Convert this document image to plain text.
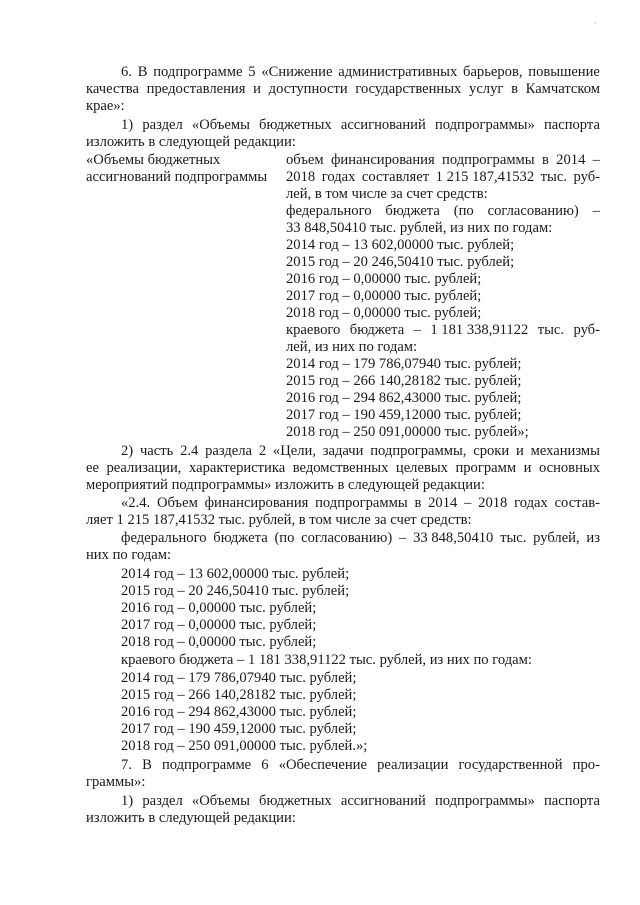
·
6. В подпрограмме 5 «Снижение административных барьеров, повышение
качества предоставления и доступности государственных услуг в Камчатском
крае»:
1) раздел «Объемы бюджетных ассигнований подпрограммы» паспорта
изложить в следующей редакции:
«Объемы бюджетных
ассигнований подпрограммы
объем финансирования подпрограммы в 2014 –
2018 годах составляет 1 215 187,41532 тыс. руб-
лей, в том числе за счет средств:
федерального бюджета (по согласованию) –
33 848,50410 тыс. рублей, из них по годам:
2014 год – 13 602,00000 тыс. рублей;
2015 год – 20 246,50410 тыс. рублей;
2016 год – 0,00000 тыс. рублей;
2017 год – 0,00000 тыс. рублей;
2018 год – 0,00000 тыс. рублей;
краевого бюджета – 1 181 338,91122 тыс. руб-
лей, из них по годам:
2014 год – 179 786,07940 тыс. рублей;
2015 год – 266 140,28182 тыс. рублей;
2016 год – 294 862,43000 тыс. рублей;
2017 год – 190 459,12000 тыс. рублей;
2018 год – 250 091,00000 тыс. рублей»;
2) часть 2.4 раздела 2 «Цели, задачи подпрограммы, сроки и механизмы
ее реализации, характеристика ведомственных целевых программ и основных
мероприятий подпрограммы» изложить в следующей редакции:
«2.4. Объем финансирования подпрограммы в 2014 – 2018 годах состав-
ляет 1 215 187,41532 тыс. рублей, в том числе за счет средств:
федерального бюджета (по согласованию) – 33 848,50410 тыс. рублей, из
них по годам:
2014 год – 13 602,00000 тыс. рублей;
2015 год – 20 246,50410 тыс. рублей;
2016 год – 0,00000 тыс. рублей;
2017 год – 0,00000 тыс. рублей;
2018 год – 0,00000 тыс. рублей;
краевого бюджета – 1 181 338,91122 тыс. рублей, из них по годам:
2014 год – 179 786,07940 тыс. рублей;
2015 год – 266 140,28182 тыс. рублей;
2016 год – 294 862,43000 тыс. рублей;
2017 год – 190 459,12000 тыс. рублей;
2018 год – 250 091,00000 тыс. рублей.»;
7. В подпрограмме 6 «Обеспечение реализации государственной про-
граммы»:
1) раздел «Объемы бюджетных ассигнований подпрограммы» паспорта
изложить в следующей редакции:
